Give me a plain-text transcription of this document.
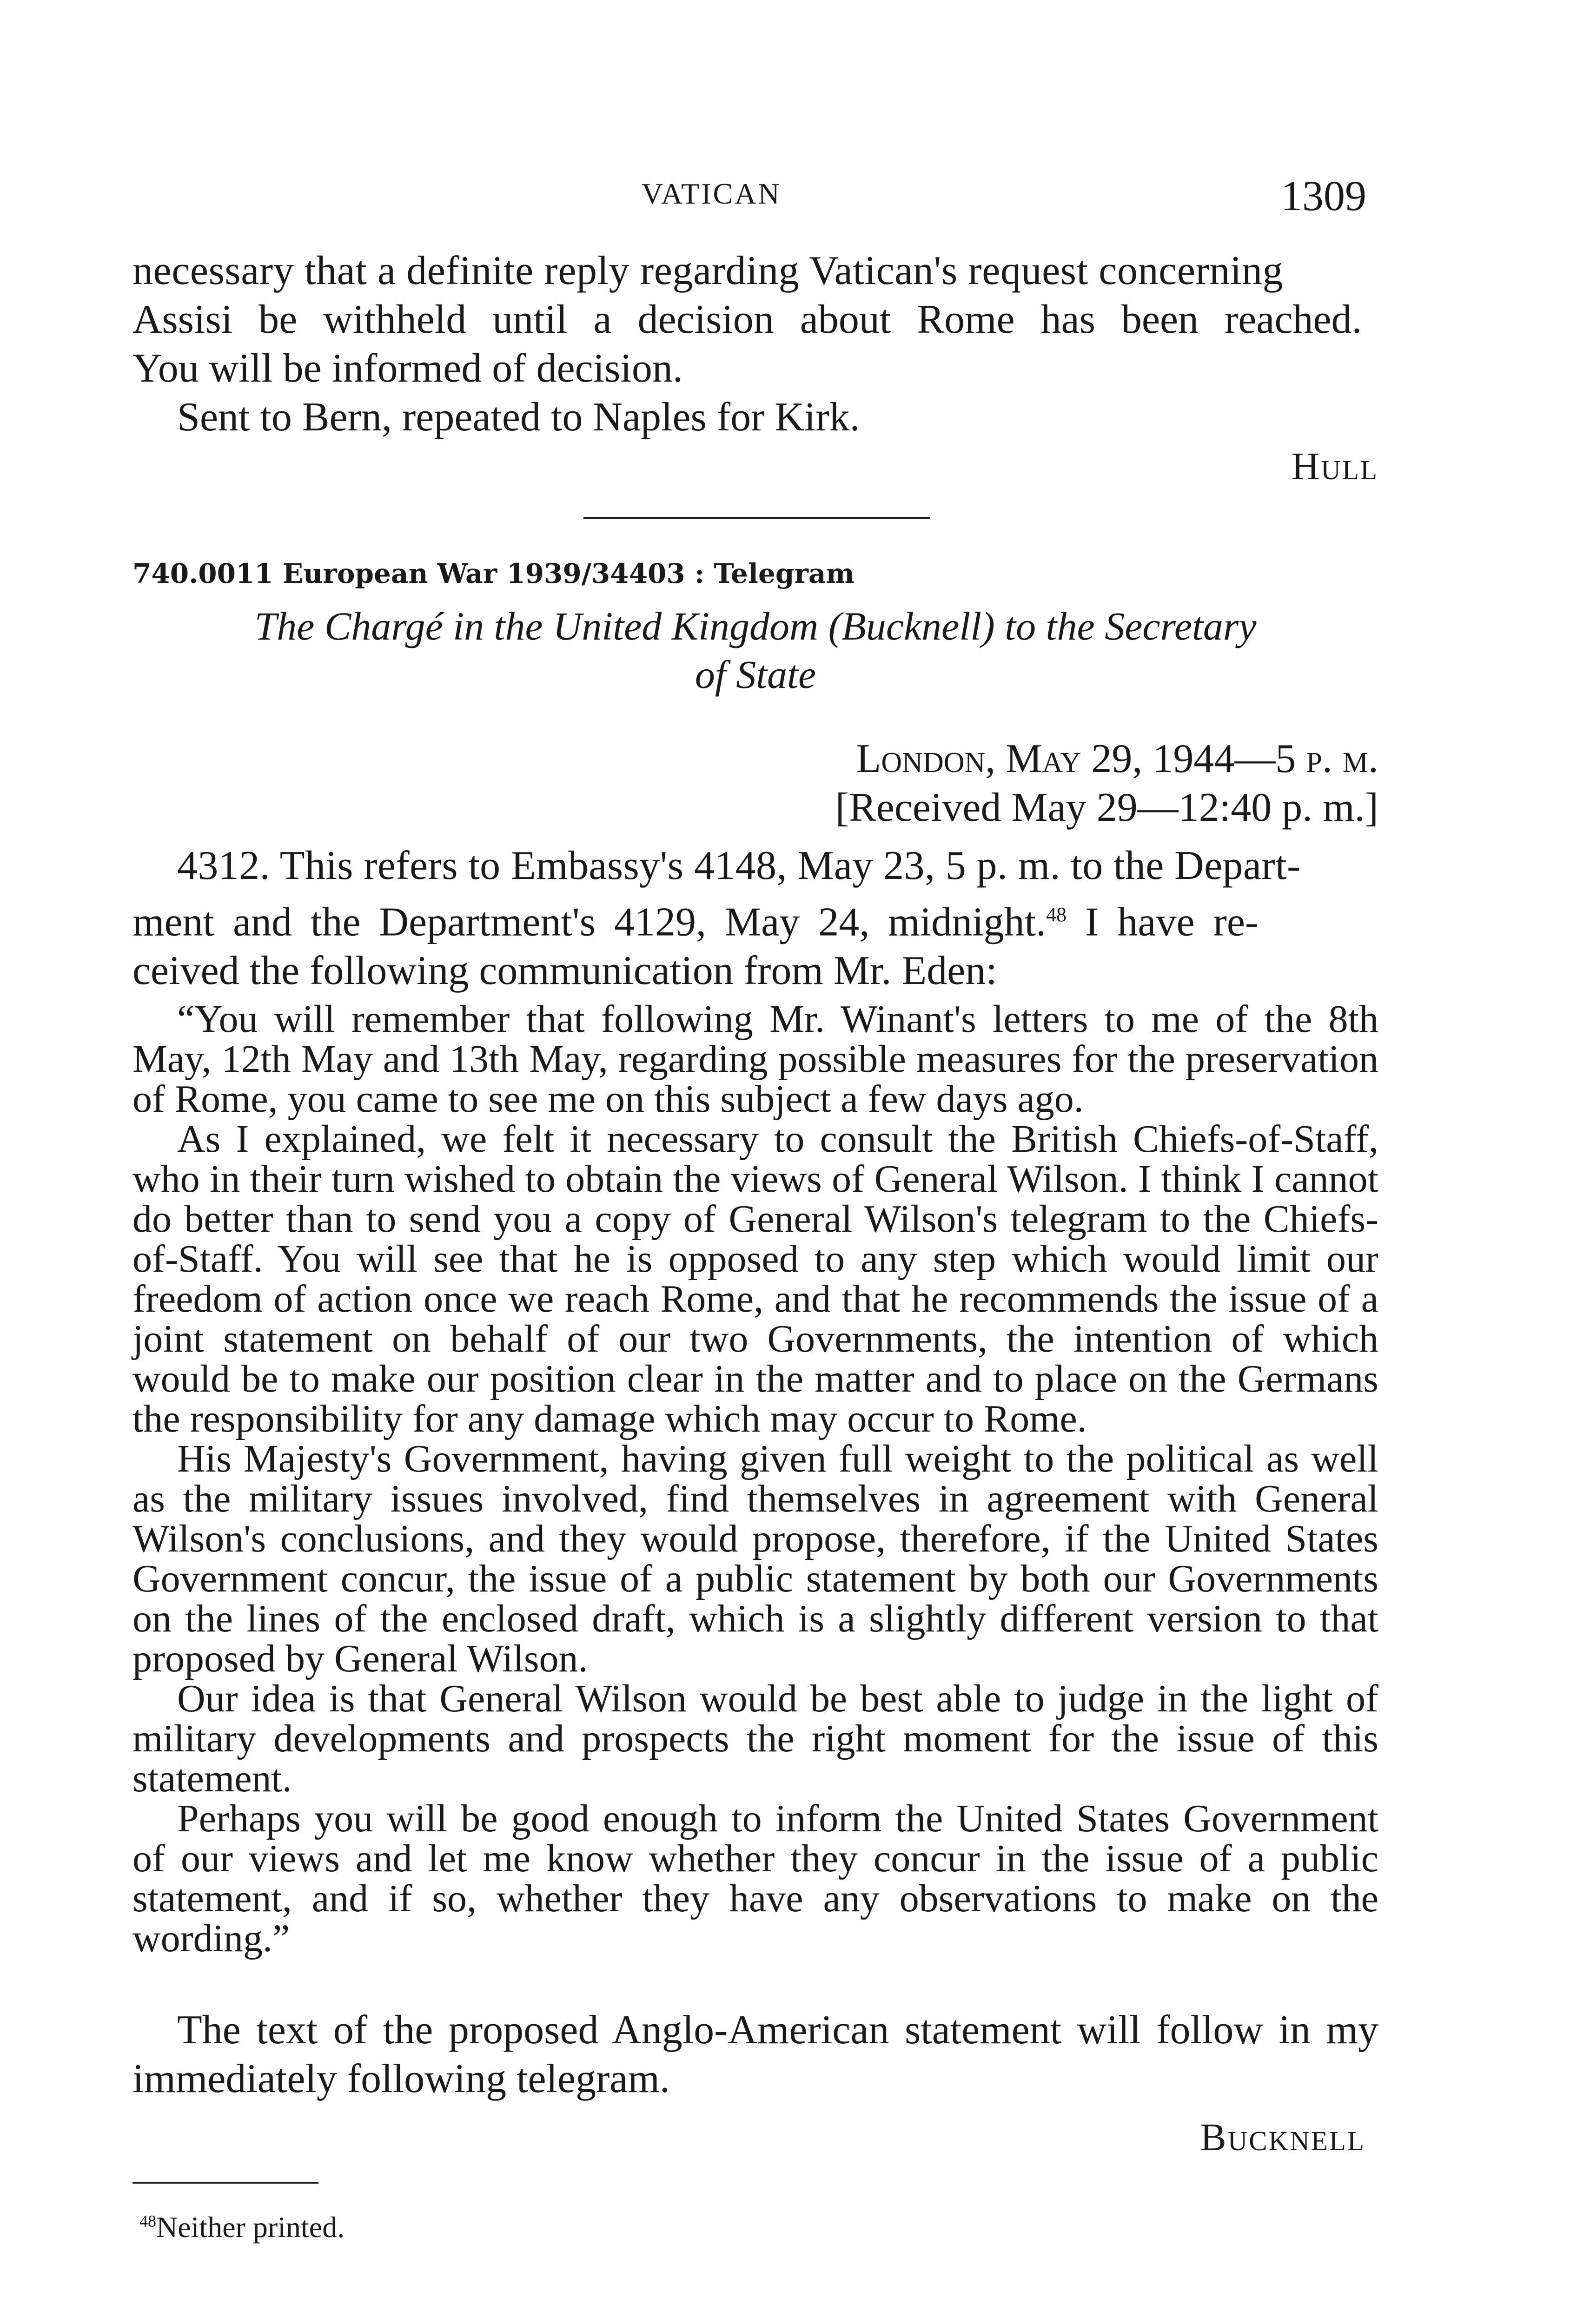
VATICAN	1309
necessary that a definite reply regarding Vatican's request concerning
Assisi be withheld until a decision about Rome has been reached.
You will be informed of decision.
Sent to Bern, repeated to Naples for Kirk.
Hull
740.0011 European War 1939/34403 : Telegram
The Chargé in the United Kingdom (Bucknell) to the Secretary
of State
London, May 29, 1944—5 p. m.
[Received May 29—12:40 p. m.]
4312. This refers to Embassy's 4148, May 23, 5 p. m. to the Depart-
ment and the Department's 4129, May 24, midnight.$^{48}$ I have re-
ceived the following communication from Mr. Eden:

“You will remember that following Mr. Winant's letters to me of the 8th May, 12th May and 13th May, regarding possible measures for the preservation of Rome, you came to see me on this subject a few days ago.

As I explained, we felt it necessary to consult the British Chiefs-of-Staff, who in their turn wished to obtain the views of General Wilson. I think I cannot do better than to send you a copy of General Wilson's telegram to the Chiefs-of-Staff. You will see that he is opposed to any step which would limit our freedom of action once we reach Rome, and that he recommends the issue of a joint statement on behalf of our two Governments, the intention of which would be to make our position clear in the matter and to place on the Germans the responsibility for any damage which may occur to Rome.

His Majesty's Government, having given full weight to the political as well as the military issues involved, find themselves in agreement with General Wilson's conclusions, and they would propose, therefore, if the United States Government concur, the issue of a public statement by both our Governments on the lines of the enclosed draft, which is a slightly different version to that proposed by General Wilson.

Our idea is that General Wilson would be best able to judge in the light of military developments and prospects the right moment for the issue of this statement.

Perhaps you will be good enough to inform the United States Government of our views and let me know whether they concur in the issue of a public statement, and if so, whether they have any observations to make on the wording.”

The text of the proposed Anglo-American statement will follow in my immediately following telegram.

Bucknell
$^{48}$Neither printed.
